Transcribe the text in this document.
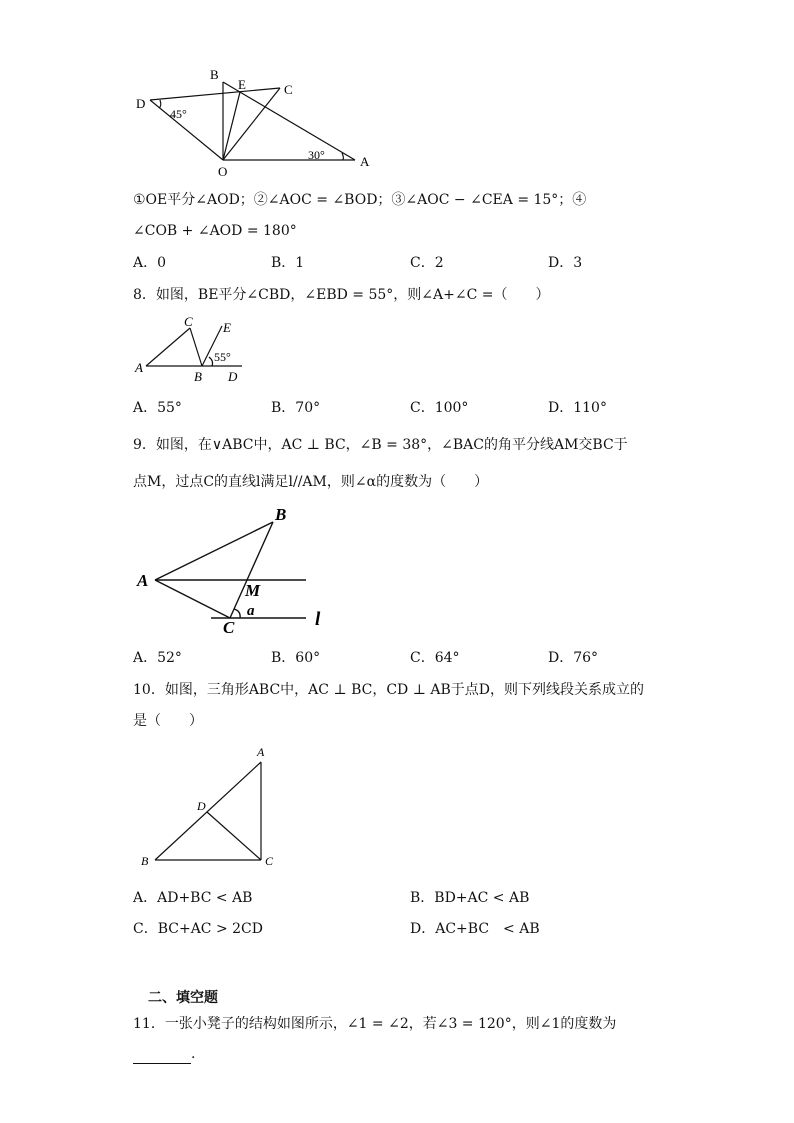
B
E	C
D
O
A
45°
30°
①OE平分∠AOD；②∠AOC = ∠BOD；③∠AOC − ∠CEA = 15°；④
∠COB + ∠AOD = 180°
A．0	B．1	C．2	D．3
8．如图，BE平分∠CBD，∠EBD = 55°，则∠A+∠C =（　　）
C E
A
B D
55°
A．55°	B．70°	C．100°	D．110°
9．如图，在∨ABC中，AC ⊥ BC，∠B = 38°，∠BAC的角平分线AM交BC于
点M，过点C的直线l满足l//AM，则∠α的度数为（　　）
B
A
M
C
a	l
A．52°	B．60°	C．64°	D．76°
10．如图，三角形ABC中，AC ⊥ BC，CD ⊥ AB于点D，则下列线段关系成立的
是（　　）
A
D
B	C
A．AD+BC < AB	B．BD+AC < AB
C．BC+AC > 2CD	D．AC+BC　< AB
二、填空题
11．一张小凳子的结构如图所示，∠1 = ∠2，若∠3 = 120°，则∠1的度数为
.
